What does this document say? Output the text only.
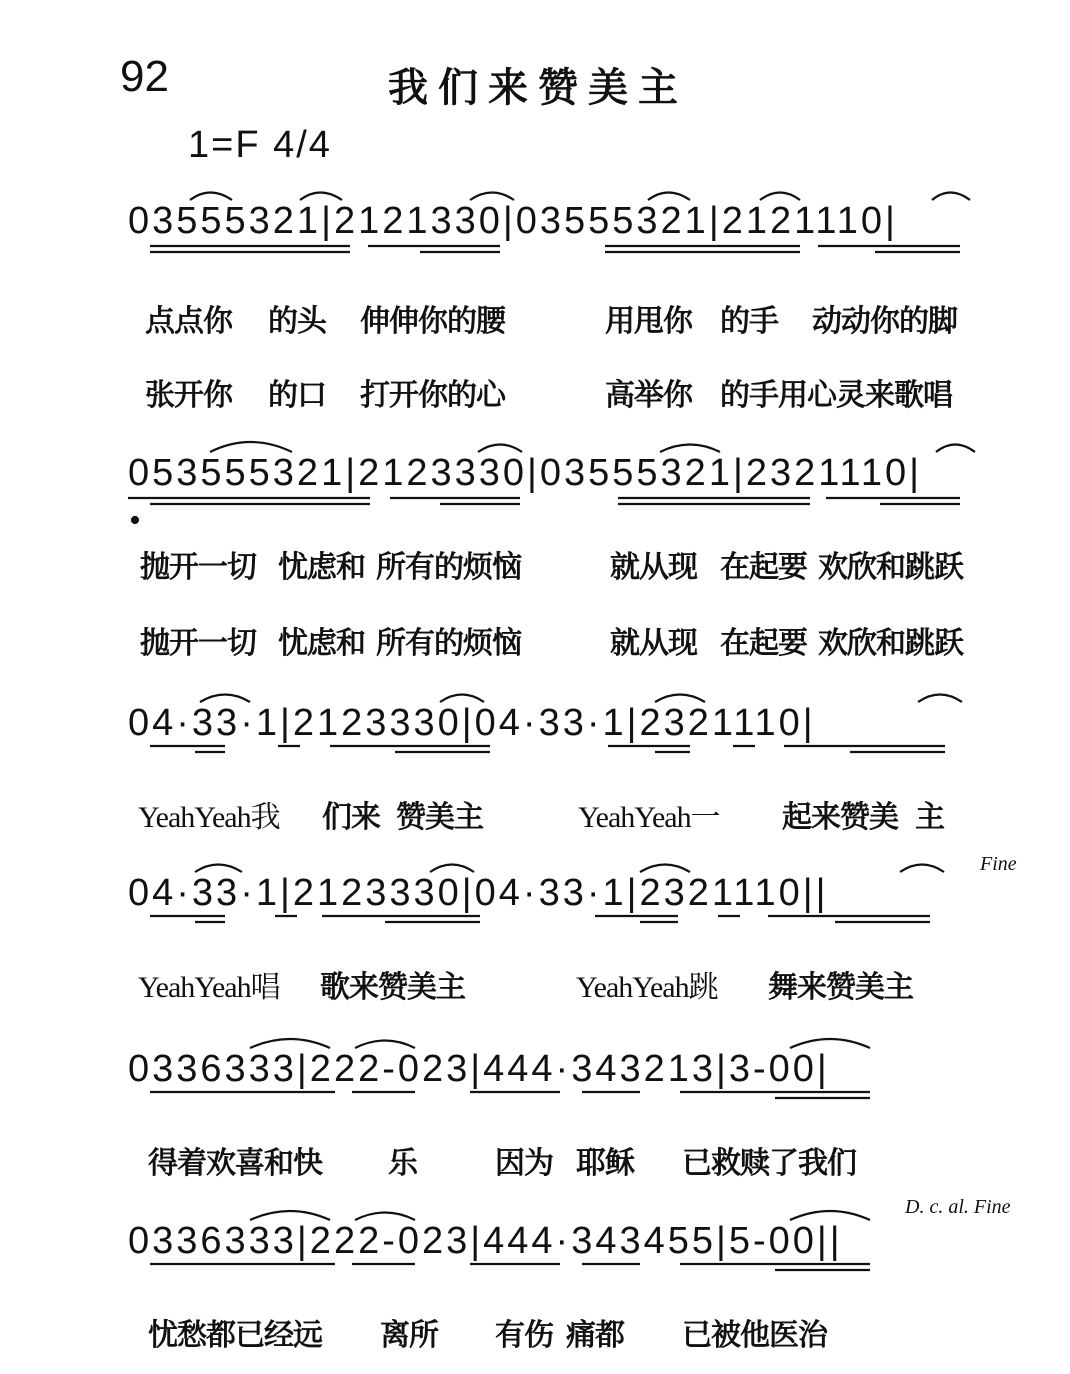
92	我们来赞美主
1=F 4/4
03555321|2121330|03555321|2121110|
点点你 的头 伸伸你的腰	用甩你 的手 动动你的脚
张开你 的口 打开你的心	高举你 的手用心灵来歌唱
053555321|2123330|03555321|2321110|
抛开一切 忧虑和 所有的烦恼	就从现 在起要 欢欣和跳跃
抛开一切 忧虑和 所有的烦恼	就从现 在起要 欢欣和跳跃
04·33·1|2123330|04·33·1|2321110|
YeahYeah我 们来 赞美主	YeahYeah一 起来赞美 主
Fine
04·33·1|2123330|04·33·1|2321110||
YeahYeah唱 歌来赞美主	YeahYeah跳 舞来赞美主
0336333|222-023|444·343213|3-00|
得着欢喜和快 乐	因为 耶稣 已救赎了我们
D. c. al. Fine
0336333|222-023|444·343455|5-00||
忧愁都已经远 离所 有伤 痛都 已被他医治
